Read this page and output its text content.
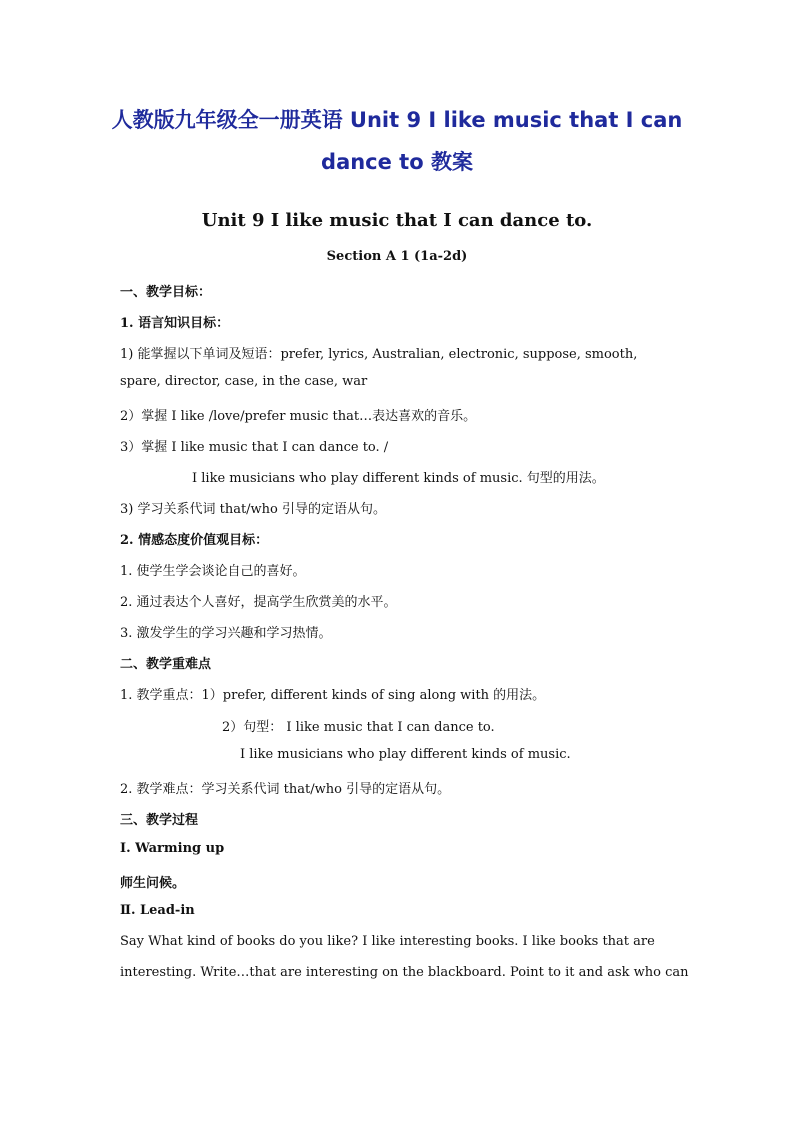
人教版九年级全一册英语 Unit 9 I like music that I can
dance to 教案
Unit 9 I like music that I can dance to.
Section A 1 (1a-2d)
一、教学目标：
1. 语言知识目标：
1) 能掌握以下单词及短语：prefer, lyrics, Australian, electronic, suppose, smooth,
spare, director, case, in the case, war
2）掌握 I like /love/prefer music that…表达喜欢的音乐。
3）掌握 I like music that I can dance to. /
I like musicians who play different kinds of music. 句型的用法。
3) 学习关系代词 that/who 引导的定语从句。
2. 情感态度价值观目标：
1. 使学生学会谈论自己的喜好。
2. 通过表达个人喜好，提高学生欣赏美的水平。
3. 激发学生的学习兴趣和学习热情。
二、教学重难点
1. 教学重点：1）prefer, different kinds of sing along with 的用法。
2）句型： I like music that I can dance to.
I like musicians who play different kinds of music.
2. 教学难点：学习关系代词 that/who 引导的定语从句。
三、教学过程
Ⅰ. Warming up
师生问候。
Ⅱ. Lead-in
Say What kind of books do you like? I like interesting books. I like books that are
interesting. Write…that are interesting on the blackboard. Point to it and ask who can
